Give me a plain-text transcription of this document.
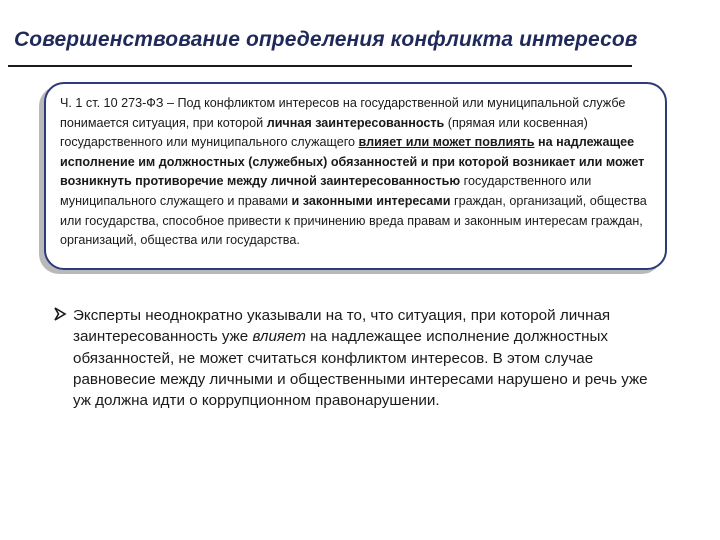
Совершенствование определения конфликта интересов

Ч. 1 ст. 10 273-ФЗ – Под конфликтом интересов на государственной или муниципальной службе понимается ситуация, при которой личная заинтересованность (прямая или косвенная) государственного или муниципального служащего влияет или может повлиять на надлежащее исполнение им должностных (служебных) обязанностей и при которой возникает или может возникнуть противоречие между личной заинтересованностью государственного или муниципального служащего и правами и законными интересами граждан, организаций, общества или государства, способное привести к причинению вреда правам и законным интересам граждан, организаций, общества или государства.

Эксперты неоднократно указывали на то, что ситуация, при которой личная заинтересованность уже влияет на надлежащее исполнение должностных обязанностей, не может считаться конфликтом интересов. В этом случае равновесие между личными и общественными интересами нарушено и речь уже уж должна идти о коррупционном правонарушении.
